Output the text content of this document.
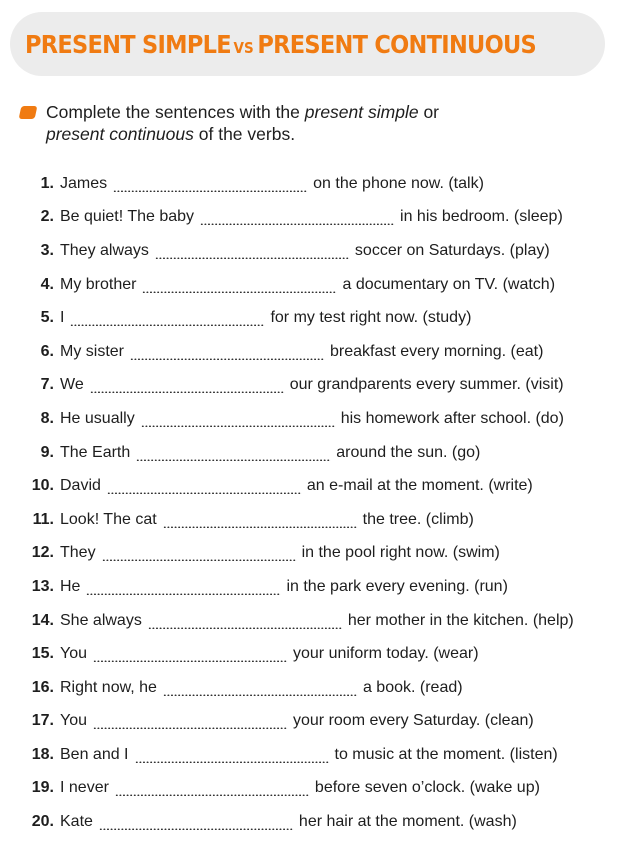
PRESENT SIMPLE VS PRESENT CONTINUOUS
Complete the sentences with the present simple or
present continuous of the verbs.
1. James	on the phone now. (talk)
2. Be quiet! The baby	in his bedroom. (sleep)
3. They always	soccer on Saturdays. (play)
4. My brother	a documentary on TV. (watch)
5. I	for my test right now. (study)
6. My sister	breakfast every morning. (eat)
7. We	our grandparents every summer. (visit)
8. He usually	his homework after school. (do)
9. The Earth	around the sun. (go)
10. David	an e-mail at the moment. (write)
11. Look! The cat	the tree. (climb)
12. They	in the pool right now. (swim)
13. He	in the park every evening. (run)
14. She always	her mother in the kitchen. (help)
15. You	your uniform today. (wear)
16. Right now, he	a book. (read)
17. You	your room every Saturday. (clean)
18. Ben and I	to music at the moment. (listen)
19. I never	before seven o’clock. (wake up)
20. Kate	her hair at the moment. (wash)
